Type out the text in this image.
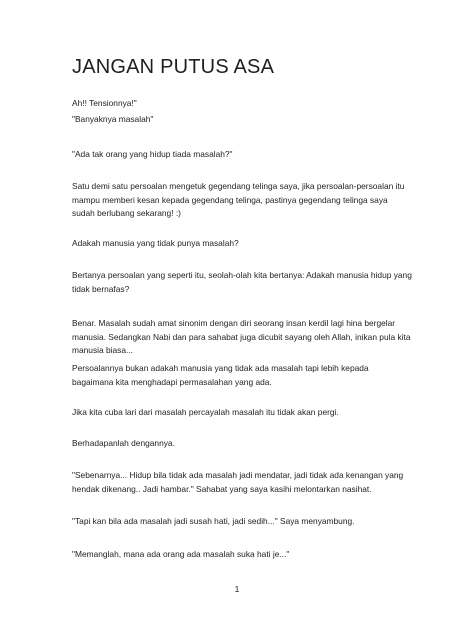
JANGAN PUTUS ASA

Ah!! Tensionnya!"

"Banyaknya masalah"

"Ada tak orang yang hidup tiada masalah?"

Satu demi satu persoalan mengetuk gegendang telinga saya, jika persoalan-persoalan itu mampu memberi kesan kepada gegendang telinga, pastinya gegendang telinga saya sudah berlubang sekarang! :)

Adakah manusia yang tidak punya masalah?

Bertanya persoalan yang seperti itu, seolah-olah kita bertanya: Adakah manusia hidup yang tidak bernafas?

Benar. Masalah sudah amat sinonim dengan diri seorang insan kerdil lagi hina bergelar manusia. Sedangkan Nabi dan para sahabat juga dicubit sayang oleh Allah, inikan pula kita manusia biasa...

Persoalannya bukan adakah manusia yang tidak ada masalah tapi lebih kepada bagaimana kita menghadapi permasalahan yang ada.

Jika kita cuba lari dari masalah percayalah masalah itu tidak akan pergi.

Berhadapanlah dengannya.

"Sebenarnya... Hidup bila tidak ada masalah jadi mendatar, jadi tidak ada kenangan yang hendak dikenang.. Jadi hambar." Sahabat yang saya kasihi melontarkan nasihat.

"Tapi kan bila ada masalah jadi susah hati, jadi sedih..." Saya menyambung.

"Memanglah, mana ada orang ada masalah suka hati je..."

1
